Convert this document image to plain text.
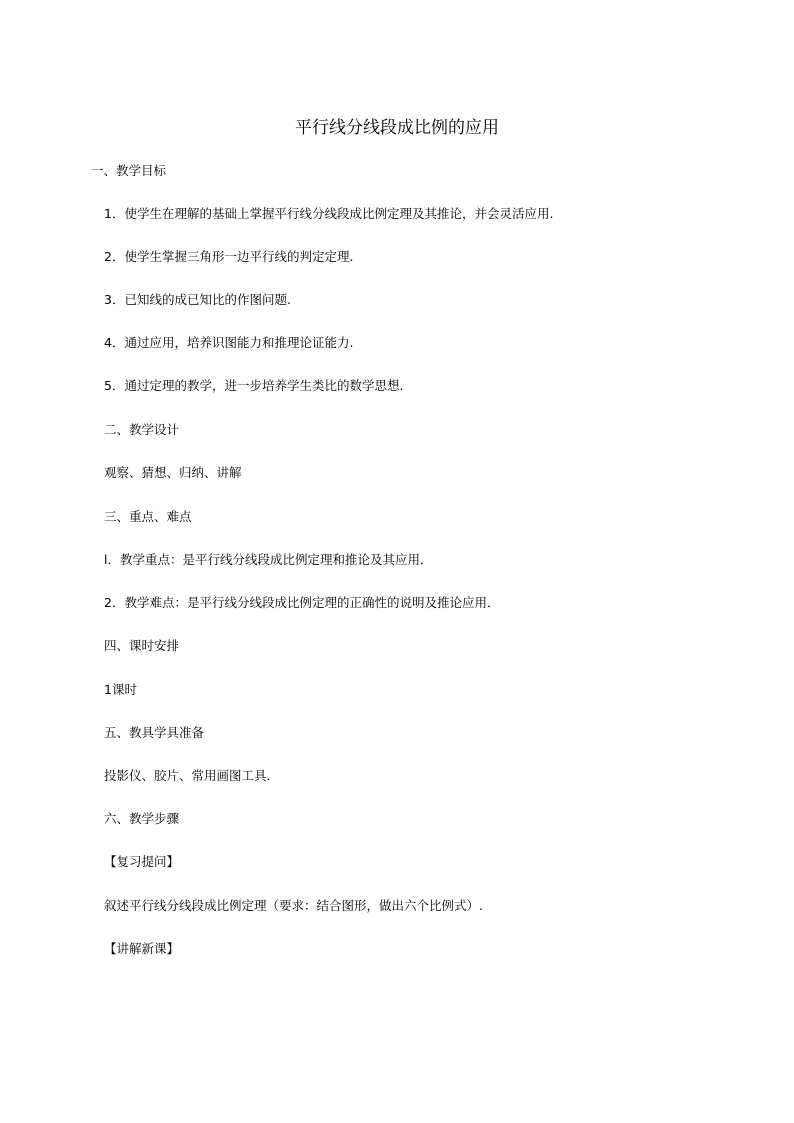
平行线分线段成比例的应用
一、教学目标
1．使学生在理解的基础上掌握平行线分线段成比例定理及其推论，并会灵活应用.
2．使学生掌握三角形一边平行线的判定定理.
3．已知线的成已知比的作图问题.
4．通过应用，培养识图能力和推理论证能力.
5．通过定理的教学，进一步培养学生类比的数学思想.
二、教学设计
观察、猜想、归纳、讲解
三、重点、难点
l．教学重点：是平行线分线段成比例定理和推论及其应用．
2．教学难点：是平行线分线段成比例定理的正确性的说明及推论应用．
四、课时安排
1课时
五、教具学具准备
投影仪、胶片、常用画图工具．
六、教学步骤
【复习提问】
叙述平行线分线段成比例定理（要求：结合图形，做出六个比例式）.
【讲解新课】
